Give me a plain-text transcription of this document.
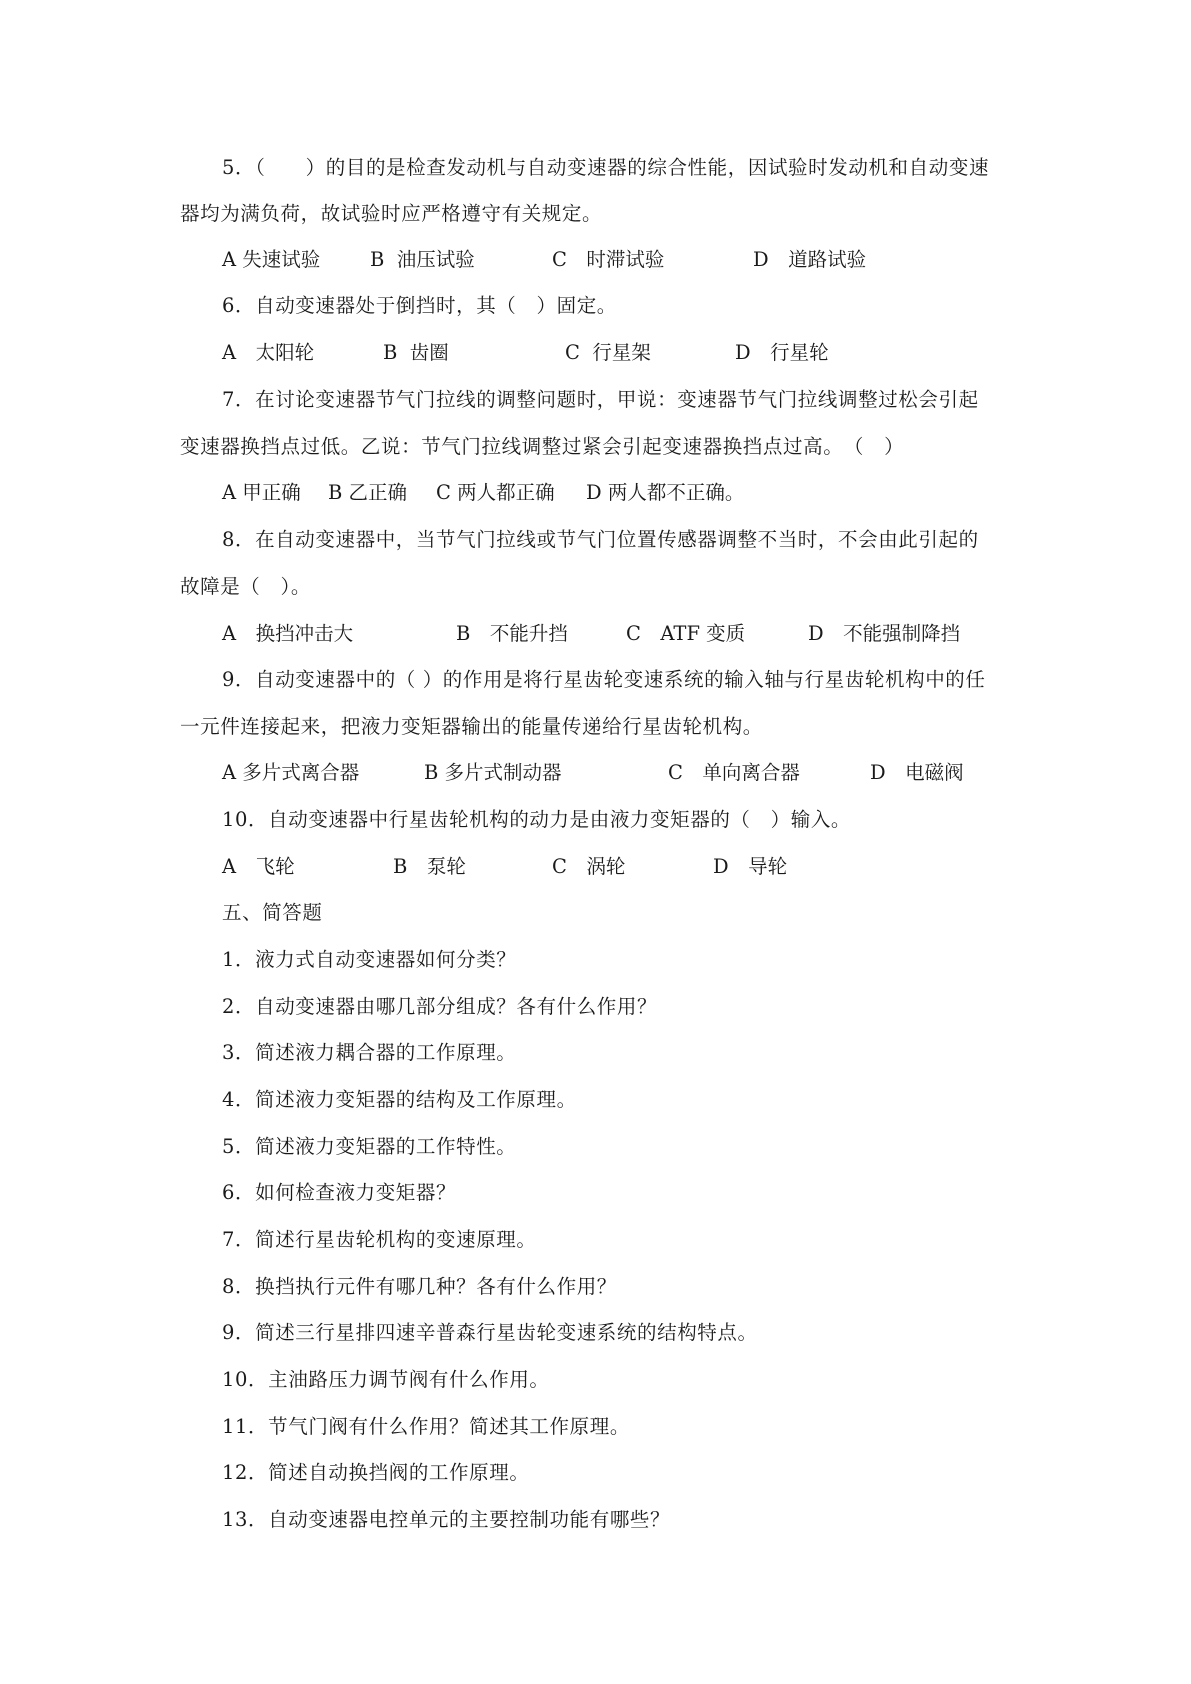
5．（　　）的目的是检查发动机与自动变速器的综合性能，因试验时发动机和自动变速
器均为满负荷，故试验时应严格遵守有关规定。
A 失速试验	B  油压试验	C　时滞试验	D　道路试验
6．自动变速器处于倒挡时，其（　）固定。
A　太阳轮	B  齿圈	C  行星架	D　行星轮
7．在讨论变速器节气门拉线的调整问题时，甲说：变速器节气门拉线调整过松会引起
变速器换挡点过低。乙说：节气门拉线调整过紧会引起变速器换挡点过高。　（　）
A 甲正确 B 乙正确 C 两人都正确 D 两人都不正确。
8．在自动变速器中，当节气门拉线或节气门位置传感器调整不当时，不会由此引起的
故障是（　）。
A　换挡冲击大	B　不能升挡	C　ATF 变质	D　不能强制降挡
9．自动变速器中的（ ）的作用是将行星齿轮变速系统的输入轴与行星齿轮机构中的任
一元件连接起来，把液力变矩器输出的能量传递给行星齿轮机构。
A 多片式离合器	B 多片式制动器	C　单向离合器	D　电磁阀
10．自动变速器中行星齿轮机构的动力是由液力变矩器的（　）输入。
A　飞轮	B　泵轮	C　涡轮	D　导轮
五、简答题
1．液力式自动变速器如何分类？
2．自动变速器由哪几部分组成？各有什么作用？
3．简述液力耦合器的工作原理。
4．简述液力变矩器的结构及工作原理。
5．简述液力变矩器的工作特性。
6．如何检查液力变矩器？
7．简述行星齿轮机构的变速原理。
8．换挡执行元件有哪几种？各有什么作用？
9．简述三行星排四速辛普森行星齿轮变速系统的结构特点。
10．主油路压力调节阀有什么作用。
11．节气门阀有什么作用？简述其工作原理。
12．简述自动换挡阀的工作原理。
13．自动变速器电控单元的主要控制功能有哪些？
